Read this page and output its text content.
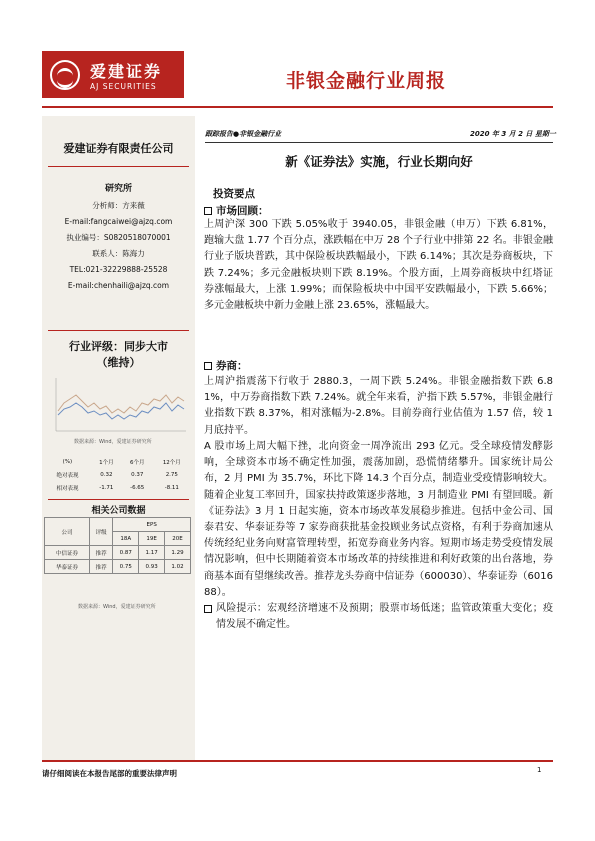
爱建证券
AJ SECURITIES	非银金融行业周报
爱建证券有限责任公司
研究所
分析师：方来薇
E-mail:fangcaiwei@ajzq.com
执业编号：S0820518070001
联系人：陈海力
TEL:021-32229888-25528
E-mail:chenhaili@ajzq.com
行业评级：同步大市
（维持）
数据来源：Wind，爱建证券研究所
(%)	1个月	6个月	12个月
绝对表现	0.32	0.37	2.75
相对表现	-1.71	-6.65	-8.11
相关公司数据
公司	评级	EPS		
		18A	19E	20E
中信证券	推荐	0.87	1.17	1.29
华泰证券	推荐	0.75	0.93	1.02
数据来源：Wind，爱建证券研究所
跟踪报告●非银金融行业	2020 年 3 月 2 日 星期一
新《证券法》实施，行业长期向好
投资要点
市场回顾：
上周沪深 300 下跌 5.05%收于 3940.05，非银金融（申万）下跌 6.81%，跑输大盘 1.77 个百分点，涨跌幅在中万 28 个子行业中排第 22 名。非银金融行业子版块普跌，其中保险板块跌幅最小，下跌 6.14%；其次是券商板块，下跌 7.24%；多元金融板块则下跌 8.19%。个股方面，上周券商板块中红塔证券涨幅最大，上涨 1.99%；而保险板块中中国平安跌幅最小，下跌 5.66%；多元金融板块中新力金融上涨 23.65%，涨幅最大。
券商：
上周沪指震荡下行收于 2880.3，一周下跌 5.24%。非银金融指数下跌 6.81%，中万券商指数下跌 7.24%。就全年来看，沪指下跌 5.57%，非银金融行业指数下跌 8.37%，相对涨幅为-2.8%。目前券商行业估值为 1.57 倍，较 1 月底持平。
A 股市场上周大幅下挫，北向资金一周净流出 293 亿元。受全球疫情发酵影响，全球资本市场不确定性加强，震荡加剧，恐慌情绪攀升。国家统计局公布，2 月 PMI 为 35.7%，环比下降 14.3 个百分点，制造业受疫情影响较大。随着企业复工率回升，国家扶持政策逐步落地，3 月制造业 PMI 有望回暖。新《证券法》3 月 1 日起实施，资本市场改革发展稳步推进。包括中金公司、国泰君安、华泰证券等 7 家券商获批基金投顾业务试点资格，有利于券商加速从传统经纪业务向财富管理转型，拓宽券商业务内容。短期市场走势受疫情发展情况影响，但中长期随着资本市场改革的持续推进和利好政策的出台落地，券商基本面有望继续改善。推荐龙头券商中信证券（600030）、华泰证券（601688）。
风险提示：宏观经济增速不及预期；股票市场低迷；监管政策重大变化；疫情发展不确定性。
请仔细阅读在本报告尾部的重要法律声明	1
